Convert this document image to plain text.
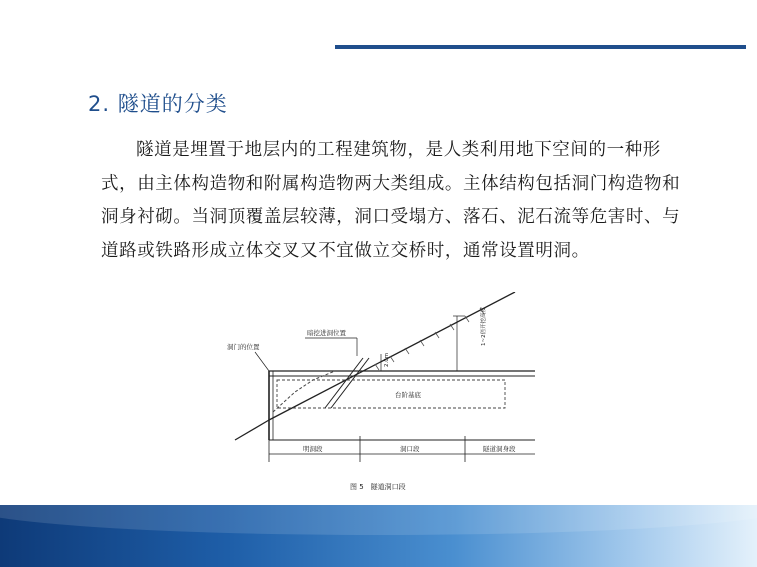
2. 隧道的分类
隧道是埋置于地层内的工程建筑物，是人类利用地下空间的一种形式，由主体构造物和附属构造物两大类组成。主体结构包括洞门构造物和洞身衬砌。当洞顶覆盖层较薄，洞口受塌方、落石、泥石流等危害时、与道路或铁路形成立体交叉又不宜做立交桥时，通常设置明洞。
台阶基底
洞门的位置
暗挖进洞位置
2.0m
1~2倍开挖高度
明洞段	洞口段	隧道洞身段
图 5　隧道洞口段
